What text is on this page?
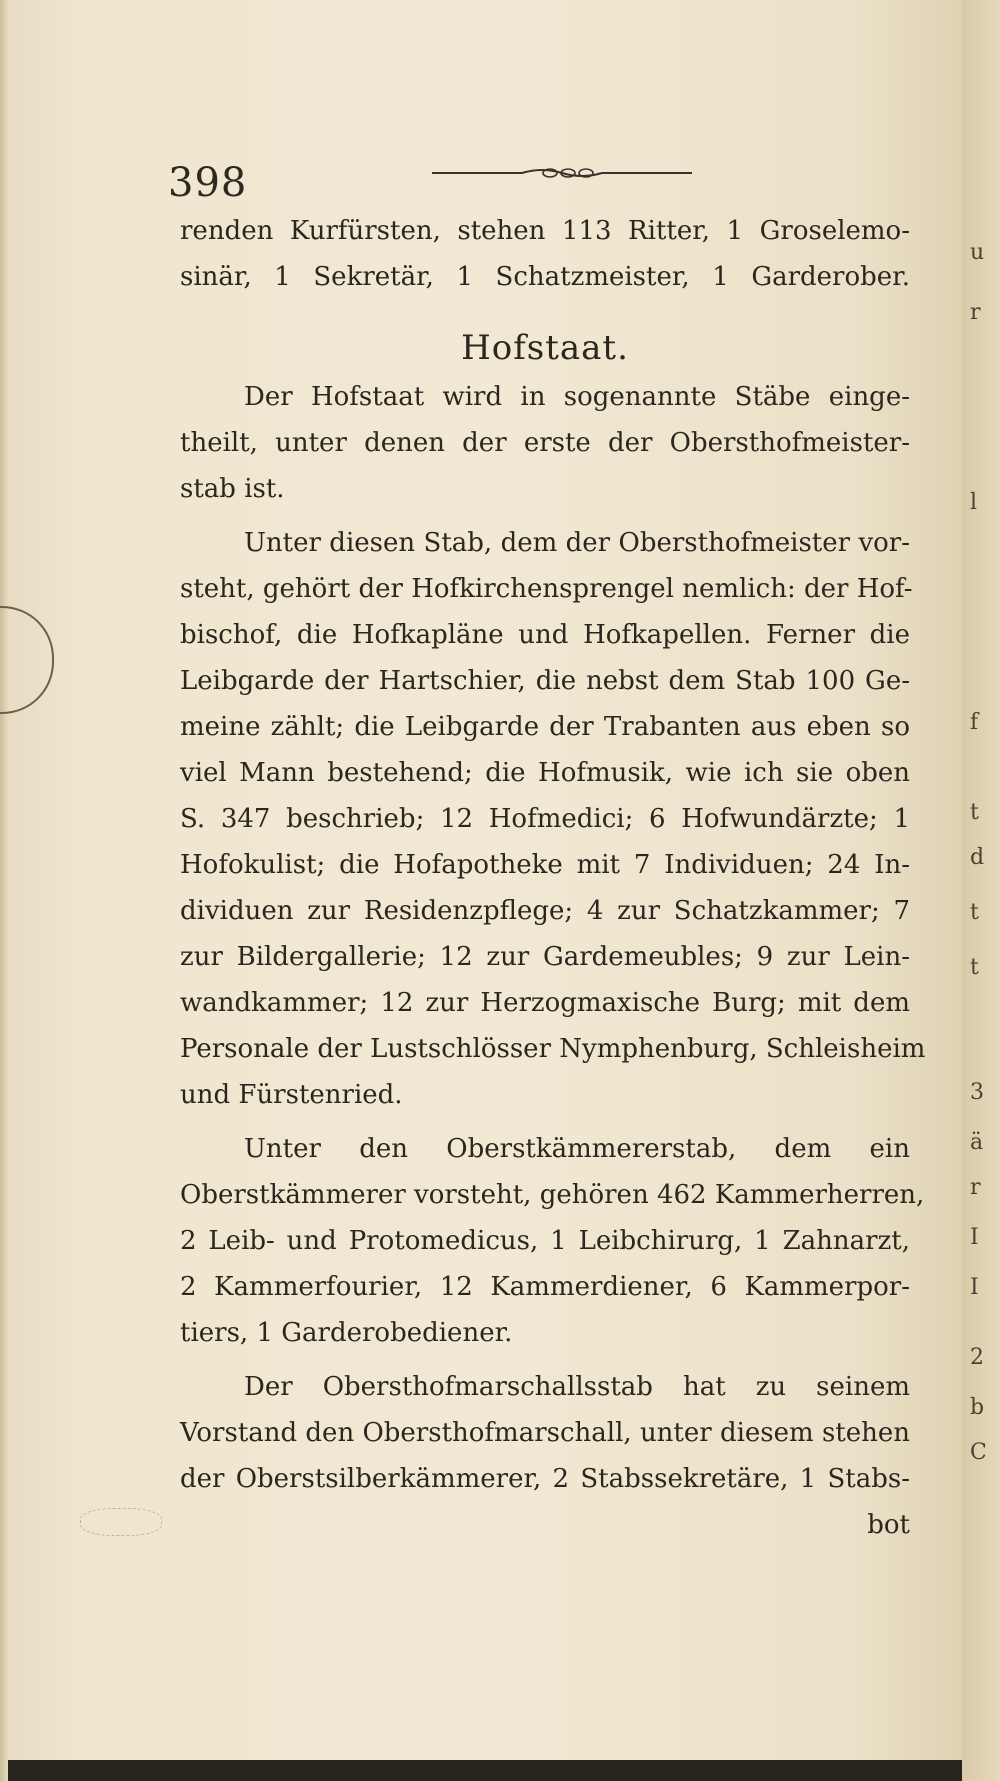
398
renden Kurfürsten, stehen 113 Ritter, 1 Groselemo-
sinär, 1 Sekretär, 1 Schatzmeister, 1 Garderober.
Hofstaat.

Der Hofstaat wird in sogenannte Stäbe einge-
theilt, unter denen der erste der Obersthofmeister-
stab ist.

Unter diesen Stab, dem der Obersthofmeister vor-
steht, gehört der Hofkirchensprengel nemlich: der Hof-
bischof, die Hofkapläne und Hofkapellen. Ferner die
Leibgarde der Hartschier, die nebst dem Stab 100 Ge-
meine zählt; die Leibgarde der Trabanten aus eben so
viel Mann bestehend; die Hofmusik, wie ich sie oben
S. 347 beschrieb; 12 Hofmedici; 6 Hofwundärzte; 1
Hofokulist; die Hofapotheke mit 7 Individuen; 24 In-
dividuen zur Residenzpflege; 4 zur Schatzkammer; 7
zur Bildergallerie; 12 zur Gardemeubles; 9 zur Lein-
wandkammer; 12 zur Herzogmaxische Burg; mit dem
Personale der Lustschlösser Nymphenburg, Schleisheim
und Fürstenried.

Unter den Oberstkämmererstab, dem ein
Oberstkämmerer vorsteht, gehören 462 Kammerherren,
2 Leib- und Protomedicus, 1 Leibchirurg, 1 Zahnarzt,
2 Kammerfourier, 12 Kammerdiener, 6 Kammerpor-
tiers, 1 Garderobediener.

Der Obersthofmarschallsstab hat zu seinem
Vorstand den Obersthofmarschall, unter diesem stehen
der Oberstsilberkämmerer, 2 Stabssekretäre, 1 Stabs-

bot
u
r
l
f
t
d
t
t
3
ä
r
I
I
2
b
C
